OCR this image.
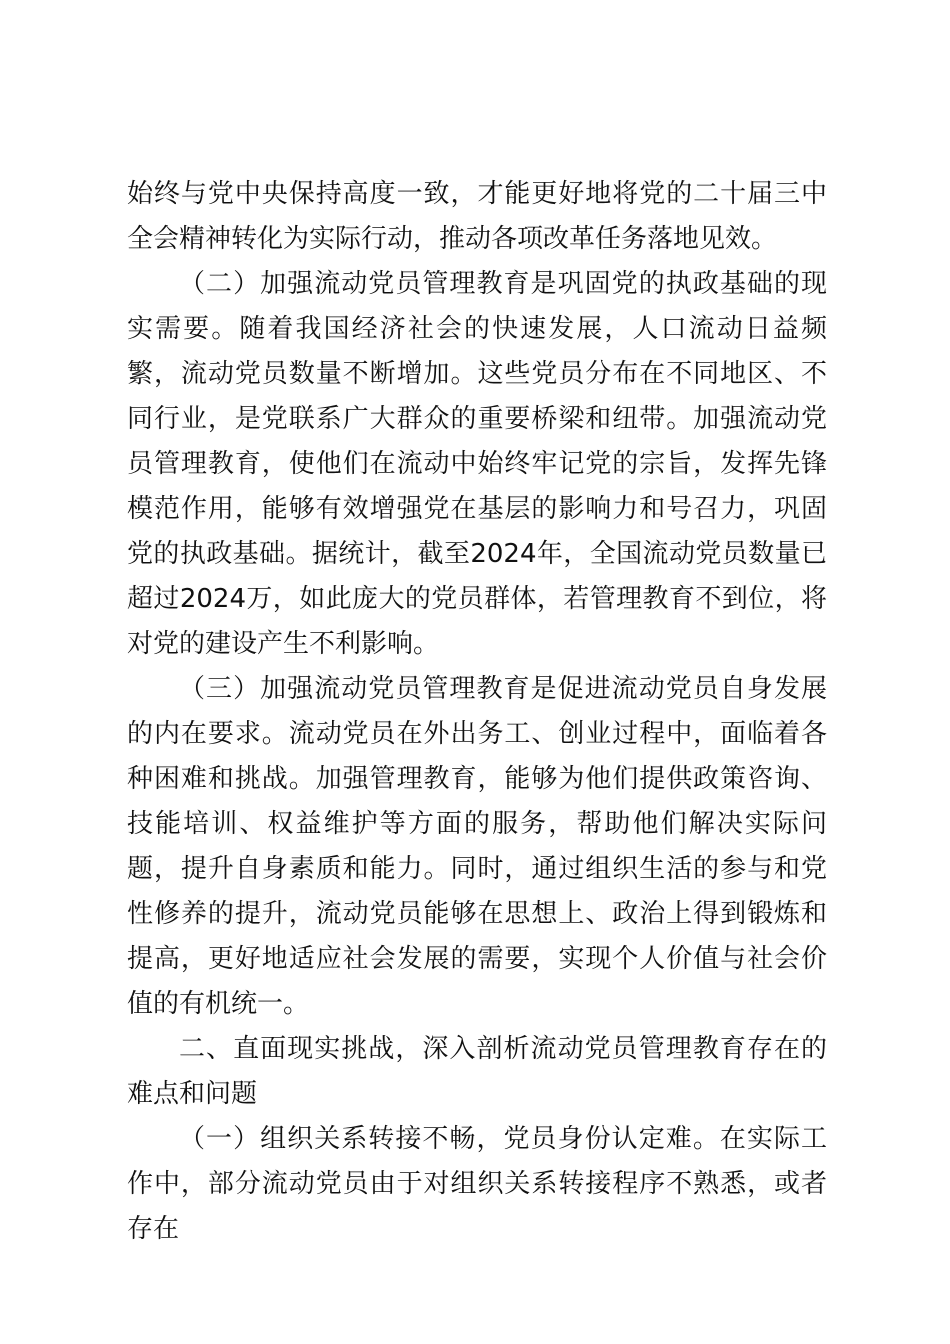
始终与党中央保持高度一致，才能更好地将党的二十届三中全会精神转化为实际行动，推动各项改革任务落地见效。

（二）加强流动党员管理教育是巩固党的执政基础的现实需要。随着我国经济社会的快速发展，人口流动日益频繁，流动党员数量不断增加。这些党员分布在不同地区、不同行业，是党联系广大群众的重要桥梁和纽带。加强流动党员管理教育，使他们在流动中始终牢记党的宗旨，发挥先锋模范作用，能够有效增强党在基层的影响力和号召力，巩固党的执政基础。据统计，截至2024年，全国流动党员数量已超过2024万，如此庞大的党员群体，若管理教育不到位，将对党的建设产生不利影响。

（三）加强流动党员管理教育是促进流动党员自身发展的内在要求。流动党员在外出务工、创业过程中，面临着各种困难和挑战。加强管理教育，能够为他们提供政策咨询、技能培训、权益维护等方面的服务，帮助他们解决实际问题，提升自身素质和能力。同时，通过组织生活的参与和党性修养的提升，流动党员能够在思想上、政治上得到锻炼和提高，更好地适应社会发展的需要，实现个人价值与社会价值的有机统一。

二、直面现实挑战，深入剖析流动党员管理教育存在的难点和问题

（一）组织关系转接不畅，党员身份认定难。在实际工作中，部分流动党员由于对组织关系转接程序不熟悉，或者存在
